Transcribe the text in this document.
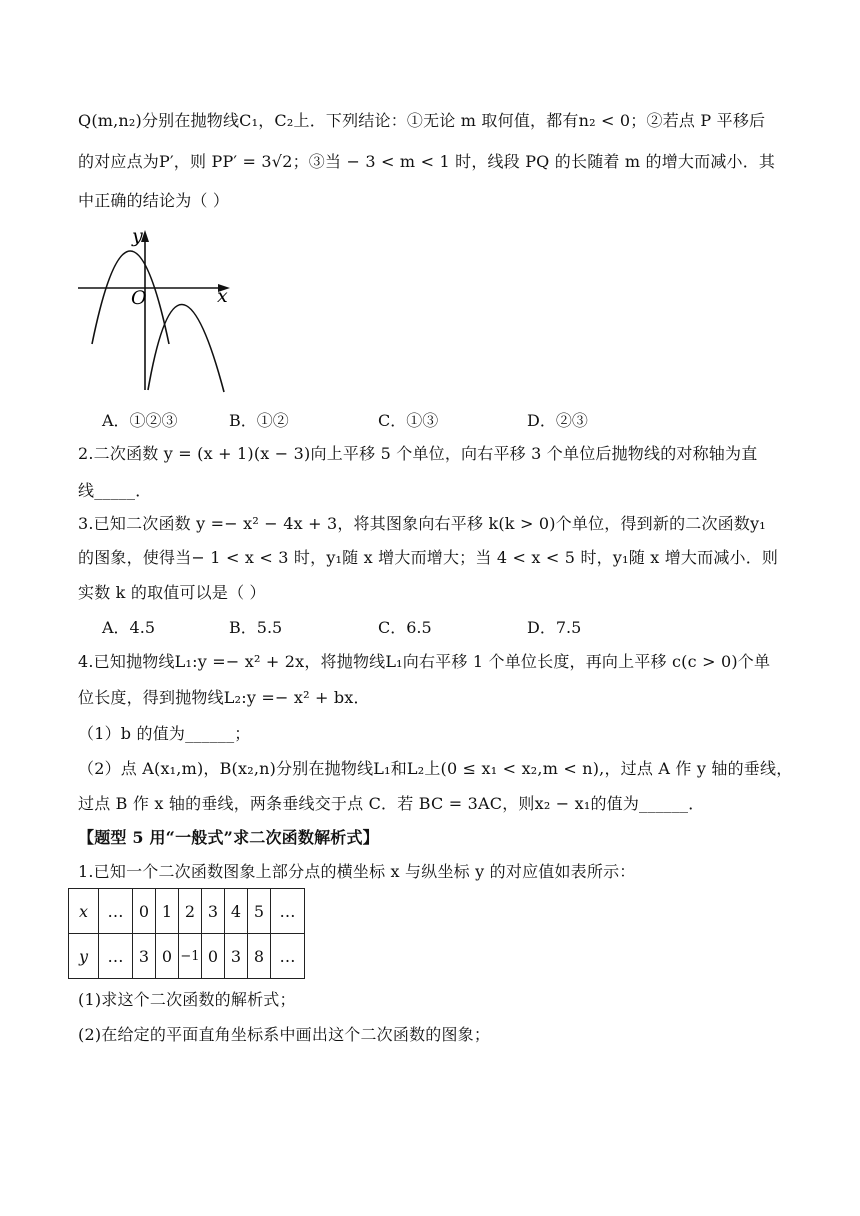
Q(m,n₂)分别在抛物线C₁，C₂上．下列结论：①无论 m 取何值，都有n₂ < 0；②若点 P 平移后
的对应点为P′，则 PP′ = 3√2；③当 − 3 < m < 1 时，线段 PQ 的长随着 m 的增大而减小．其
中正确的结论为（ ）
y
x
O
A．①②③	B．①②	C．①③	D．②③
2.二次函数 y = (x + 1)(x − 3)向上平移 5 个单位，向右平移 3 个单位后抛物线的对称轴为直
线_____．
3.已知二次函数 y =− x² − 4x + 3，将其图象向右平移 k(k > 0)个单位，得到新的二次函数y₁
的图象，使得当− 1 < x < 3 时，y₁随 x 增大而增大；当 4 < x < 5 时，y₁随 x 增大而减小．则
实数 k 的取值可以是（ ）
A．4.5	B．5.5	C．6.5	D．7.5
4.已知抛物线L₁:y =− x² + 2x，将抛物线L₁向右平移 1 个单位长度，再向上平移 c(c > 0)个单
位长度，得到抛物线L₂:y =− x² + bx．
（1）b 的值为______；
（2）点 A(x₁,m)，B(x₂,n)分别在抛物线L₁和L₂上(0 ≤ x₁ < x₂,m < n),，过点 A 作 y 轴的垂线，
过点 B 作 x 轴的垂线，两条垂线交于点 C．若 BC = 3AC，则x₂ − x₁的值为______．
【题型 5 用“一般式”求二次函数解析式】
1.已知一个二次函数图象上部分点的横坐标 x 与纵坐标 y 的对应值如表所示：
x	…	0	1	2	3	4	5	…
y	…	3	0	−1	0	3	8	…
(1)求这个二次函数的解析式；
(2)在给定的平面直角坐标系中画出这个二次函数的图象；
